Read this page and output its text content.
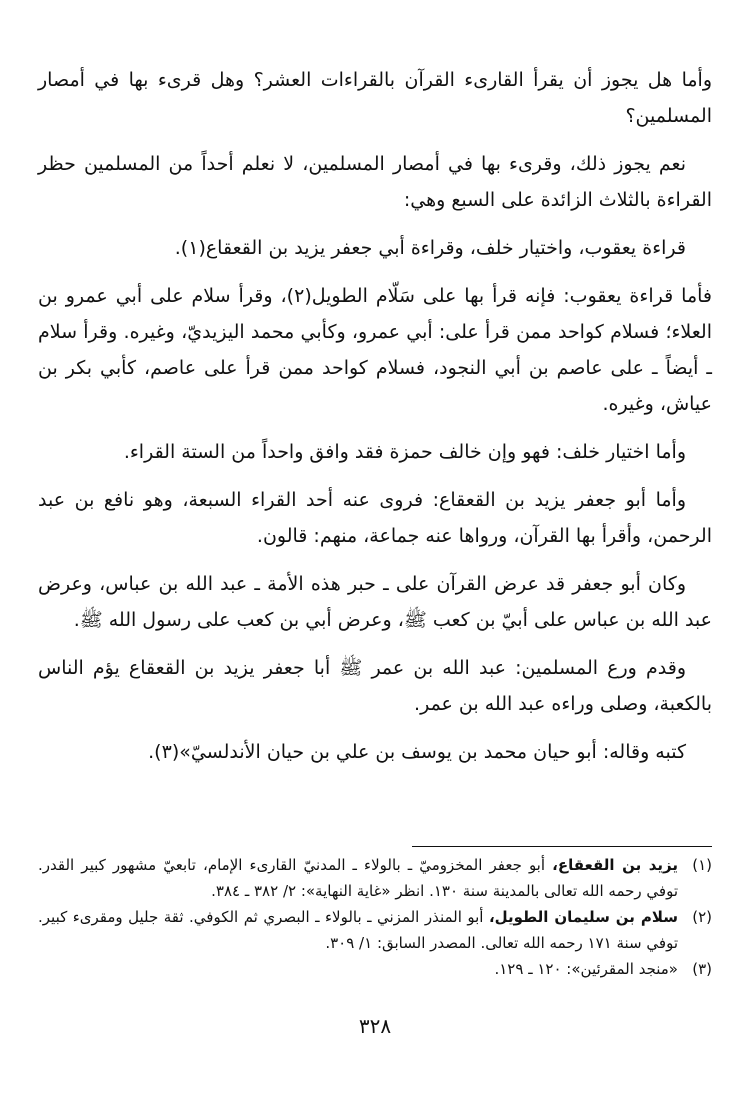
وأما هل يجوز أن يقرأ القارىء القرآن بالقراءات العشر؟ وهل قرىء بها في أمصار المسلمين؟

نعم يجوز ذلك، وقرىء بها في أمصار المسلمين، لا نعلم أحداً من المسلمين حظر القراءة بالثلاث الزائدة على السبع وهي:

قراءة يعقوب، واختيار خلف، وقراءة أبي جعفر يزيد بن القعقاع(١).

فأما قراءة يعقوب: فإنه قرأ بها على سَلّام الطويل(٢)، وقرأ سلام على أبي عمرو بن العلاء؛ فسلام كواحد ممن قرأ على: أبي عمرو، وكأبي محمد اليزيديّ، وغيره. وقرأ سلام ـ أيضاً ـ على عاصم بن أبي النجود، فسلام كواحد ممن قرأ على عاصم، كأبي بكر بن عياش، وغيره.

وأما اختيار خلف: فهو وإن خالف حمزة فقد وافق واحداً من الستة القراء.

وأما أبو جعفر يزيد بن القعقاع: فروى عنه أحد القراء السبعة، وهو نافع بن عبد الرحمن، وأقرأ بها القرآن، ورواها عنه جماعة، منهم: قالون.

وكان أبو جعفر قد عرض القرآن على ـ حبر هذه الأمة ـ عبد الله بن عباس، وعرض عبد الله بن عباس على أبيّ بن كعب ﷺ، وعرض أبي بن كعب على رسول الله ﷺ.

وقدم ورع المسلمين: عبد الله بن عمر ﷺ أبا جعفر يزيد بن القعقاع يؤم الناس بالكعبة، وصلى وراءه عبد الله بن عمر.

كتبه وقاله: أبو حيان محمد بن يوسف بن علي بن حيان الأندلسيّ»(٣).

(١)
يزيد بن القعقاع، أبو جعفر المخزوميّ ـ بالولاء ـ المدنيّ القارىء الإمام، تابعيّ مشهور كبير القدر. توفي رحمه الله تعالى بالمدينة سنة ١٣٠. انظر «غاية النهاية»: ٢/ ٣٨٢ ـ ٣٨٤.

(٢)
سلام بن سليمان الطويل، أبو المنذر المزني ـ بالولاء ـ البصري ثم الكوفي. ثقة جليل ومقرىء كبير. توفي سنة ١٧١ رحمه الله تعالى. المصدر السابق: ١/ ٣٠٩.

(٣)
«منجد المقرئين»: ١٢٠ ـ ١٢٩.

٣٢٨
